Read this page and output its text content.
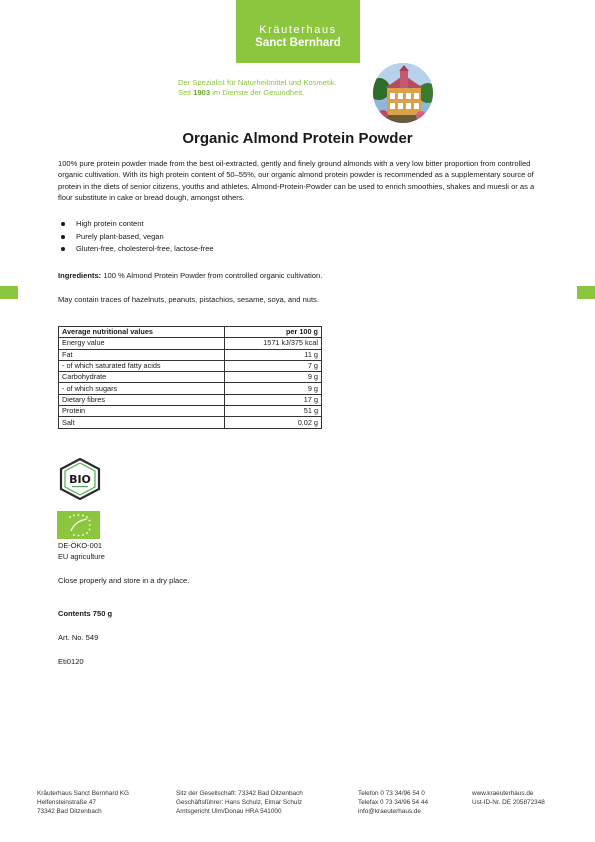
Kräuterhaus
Sanct Bernhard
Der Spezialist für Naturheilmittel und Kosmetik.
Seit 1903 im Dienste der Gesundheit.
Organic Almond Protein Powder

100% pure protein powder made from the best oil-extracted, gently and finely ground almonds with a very low bitter proportion from controlled organic cultivation. With its high protein content of 50–55%, our organic almond protein powder is recommended as a supplementary source of protein in the diets of senior citizens, youths and athletes. Almond-Protein-Powder can be used to enrich smoothies, shakes and muesli or as a flour substitute in cake or bread dough, amongst others.

High protein content
Purely plant-based, vegan
Gluten-free, cholesterol-free, lactose-free

Ingredients: 100 % Almond Protein Powder from controlled organic cultivation.

May contain traces of hazelnuts, peanuts, pistachios, sesame, soya, and nuts.

Average nutritional values	per 100 g
Energy value	1571 kJ/375 kcal
Fat	11 g
- of which saturated fatty acids	7 g
Carbohydrate	9 g
- of which sugars	9 g
Dietary fibres	17 g
Protein	51 g
Salt	0.02 g
BIO
DE-ÖKO-001
EU agriculture

Close properly and store in a dry place.

Contents 750 g

Art. No. 549

Eti0120

Kräuterhaus Sanct Bernhard KG
Helfensteinstraße 47
73342 Bad Ditzenbach
Sitz der Gesellschaft: 73342 Bad Ditzenbach
Geschäftsführer: Hans Schulz, Elmar Schulz
Amtsgericht Ulm/Donau HRA 541000
Telefon 0 73 34/96 54 0
Telefax 0 73 34/96 54 44
info@kraeuterhaus.de
www.kraeuterhaus.de
Ust-ID-Nr. DE 205872348
